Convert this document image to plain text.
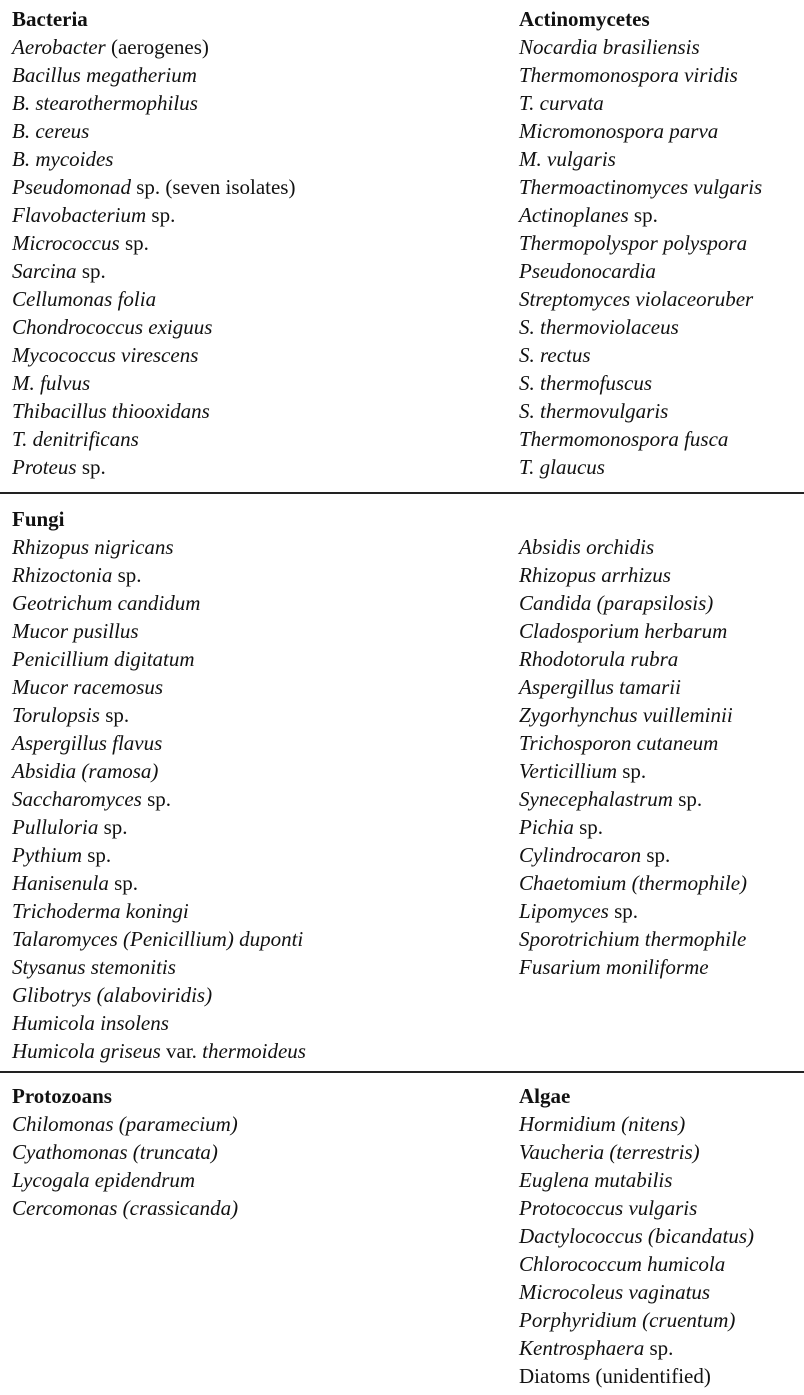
Bacteria
Aerobacter (aerogenes)
Bacillus megatherium
B. stearothermophilus
B. cereus
B. mycoides
Pseudomonad sp. (seven isolates)
Flavobacterium sp.
Micrococcus sp.
Sarcina sp.
Cellumonas folia
Chondrococcus exiguus
Mycococcus virescens
M. fulvus
Thibacillus thiooxidans
T. denitrificans
Proteus sp.
Actinomycetes
Nocardia brasiliensis
Thermomonospora viridis
T. curvata
Micromonospora parva
M. vulgaris
Thermoactinomyces vulgaris
Actinoplanes sp.
Thermopolyspor polyspora
Pseudonocardia
Streptomyces violaceoruber
S. thermoviolaceus
S. rectus
S. thermofuscus
S. thermovulgaris
Thermomonospora fusca
T. glaucus
Fungi
Rhizopus nigricans
Rhizoctonia sp.
Geotrichum candidum
Mucor pusillus
Penicillium digitatum
Mucor racemosus
Torulopsis sp.
Aspergillus flavus
Absidia (ramosa)
Saccharomyces sp.
Pulluloria sp.
Pythium sp.
Hanisenula sp.
Trichoderma koningi
Talaromyces (Penicillium) duponti
Stysanus stemonitis
Glibotrys (alaboviridis)
Humicola insolens
Humicola griseus var. thermoideus
Absidis orchidis
Rhizopus arrhizus
Candida (parapsilosis)
Cladosporium herbarum
Rhodotorula rubra
Aspergillus tamarii
Zygorhynchus vuilleminii
Trichosporon cutaneum
Verticillium sp.
Synecephalastrum sp.
Pichia sp.
Cylindrocaron sp.
Chaetomium (thermophile)
Lipomyces sp.
Sporotrichium thermophile
Fusarium moniliforme
Protozoans
Chilomonas (paramecium)
Cyathomonas (truncata)
Lycogala epidendrum
Cercomonas (crassicanda)
Algae
Hormidium (nitens)
Vaucheria (terrestris)
Euglena mutabilis
Protococcus vulgaris
Dactylococcus (bicandatus)
Chlorococcum humicola
Microcoleus vaginatus
Porphyridium (cruentum)
Kentrosphaera sp.
Diatoms (unidentified)
